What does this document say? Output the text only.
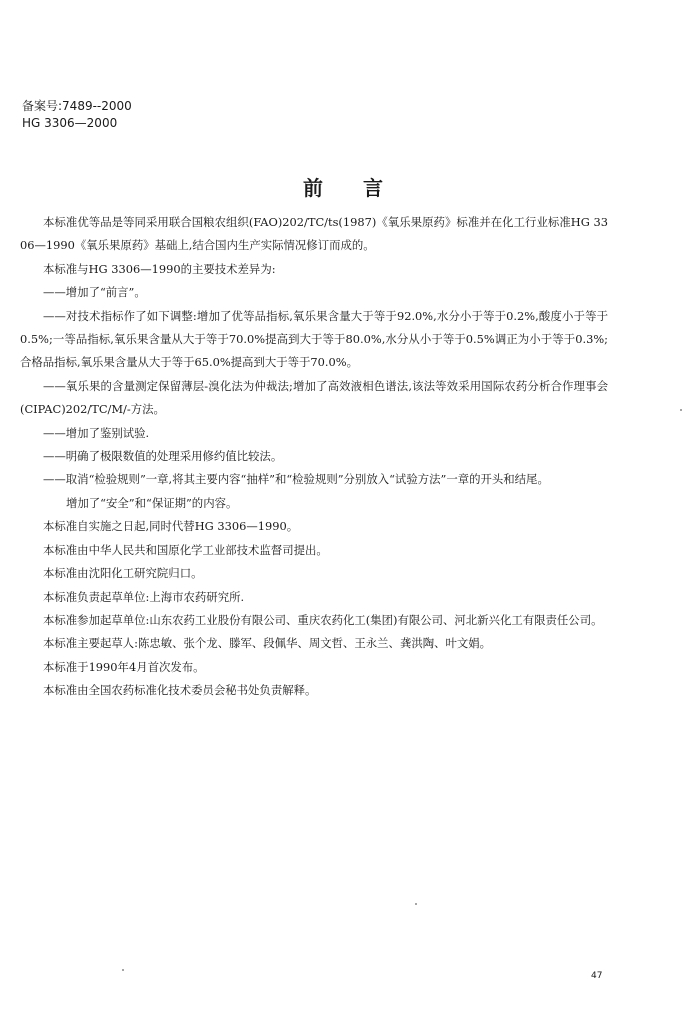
备案号:7489--2000
HG 3306—2000
前言
本标准优等品是等同采用联合国粮农组织(FAO)202/TC/ts(1987)《氧乐果原药》标准并在化工行业标准HG 3306—1990《氧乐果原药》基础上,结合国内生产实际情况修订而成的。
本标准与HG 3306—1990的主要技术差异为:
——增加了“前言”。
——对技术指标作了如下调整:增加了优等品指标,氧乐果含量大于等于92.0%,水分小于等于0.2%,酸度小于等于0.5%;一等品指标,氧乐果含量从大于等于70.0%提高到大于等于80.0%,水分从小于等于0.5%调正为小于等于0.3%;合格品指标,氧乐果含量从大于等于65.0%提高到大于等于70.0%。
——氧乐果的含量测定保留薄层-溴化法为仲裁法;增加了高效液相色谱法,该法等效采用国际农药分析合作理事会(CIPAC)202/TC/M/-方法。
——增加了鉴别试验.
——明确了极限数值的处理采用修约值比较法。
——取消“检验规则”一章,将其主要内容“抽样”和“检验规则”分别放入“试验方法”一章的开头和结尾。
增加了“安全”和“保证期”的内容。
本标准自实施之日起,同时代替HG 3306—1990。
本标准由中华人民共和国原化学工业部技术监督司提出。
本标准由沈阳化工研究院归口。
本标准负责起草单位:上海市农药研究所.
本标准参加起草单位:山东农药工业股份有限公司、重庆农药化工(集团)有限公司、河北新兴化工有限责任公司。
本标准主要起草人:陈忠敏、张个龙、滕军、段佩华、周文哲、王永兰、龚洪陶、叶文娟。
本标准于1990年4月首次发布。
本标准由全国农药标准化技术委员会秘书处负责解释。
47
